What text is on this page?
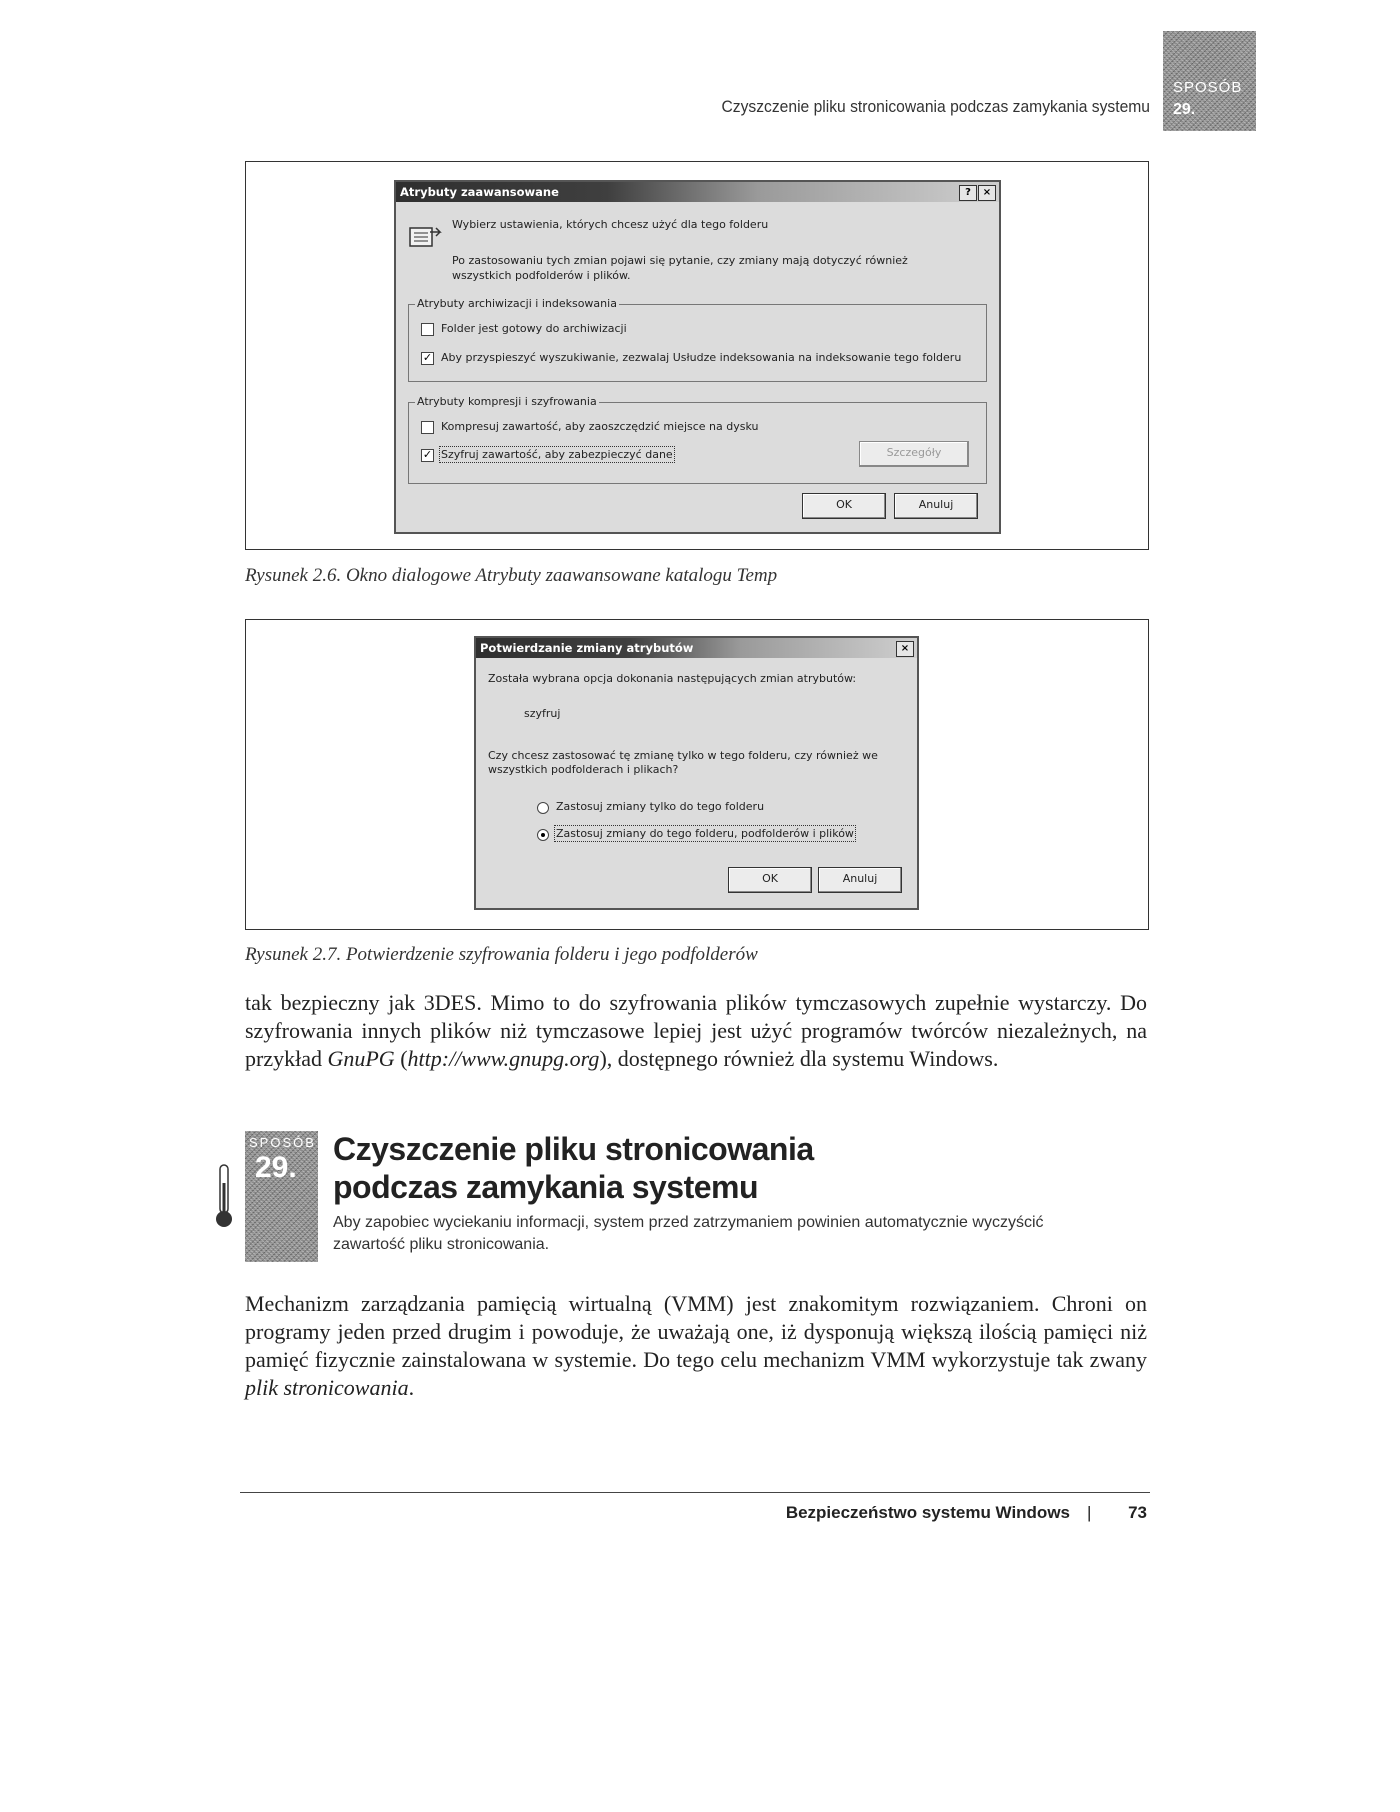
Czyszczenie pliku stronicowania podczas zamykania systemu
SPOSÓB
29.
Atrybuty zaawansowane	?	×
Wybierz ustawienia, których chcesz użyć dla tego folderu
Po zastosowaniu tych zmian pojawi się pytanie, czy zmiany mają dotyczyć również
wszystkich podfolderów i plików.
Atrybuty archiwizacji i indeksowania
Folder jest gotowy do archiwizacji
✓ Aby przyspieszyć wyszukiwanie, zezwalaj Usłudze indeksowania na indeksowanie tego folderu
Atrybuty kompresji i szyfrowania
Kompresuj zawartość, aby zaoszczędzić miejsce na dysku
✓ Szyfruj zawartość, aby zabezpieczyć dane	Szczegóły
OK	Anuluj
Rysunek 2.6. Okno dialogowe Atrybuty zaawansowane katalogu Temp
Potwierdzanie zmiany atrybutów	×
Została wybrana opcja dokonania następujących zmian atrybutów:
szyfruj
Czy chcesz zastosować tę zmianę tylko w tego folderu, czy również we
wszystkich podfolderach i plikach?
Zastosuj zmiany tylko do tego folderu
Zastosuj zmiany do tego folderu, podfolderów i plików
OK	Anuluj
Rysunek 2.7. Potwierdzenie szyfrowania folderu i jego podfolderów
tak bezpieczny jak 3DES. Mimo to do szyfrowania plików tymczasowych zupełnie wystarczy. Do szyfrowania innych plików niż tymczasowe lepiej jest użyć programów twórców niezależnych, na przykład GnuPG (http://www.gnupg.org), dostępnego również dla systemu Windows.
SPOSÓB
29.
Czyszczenie pliku stronicowania
podczas zamykania systemu
Aby zapobiec wyciekaniu informacji, system przed zatrzymaniem powinien automatycznie wyczyścić zawartość pliku stronicowania.
Mechanizm zarządzania pamięcią wirtualną (VMM) jest znakomitym rozwiązaniem. Chroni on programy jeden przed drugim i powoduje, że uważają one, iż dysponują większą ilością pamięci niż pamięć fizycznie zainstalowana w systemie. Do tego celu mechanizm VMM wykorzystuje tak zwany plik stronicowania.
Bezpieczeństwo systemu Windows |	73
